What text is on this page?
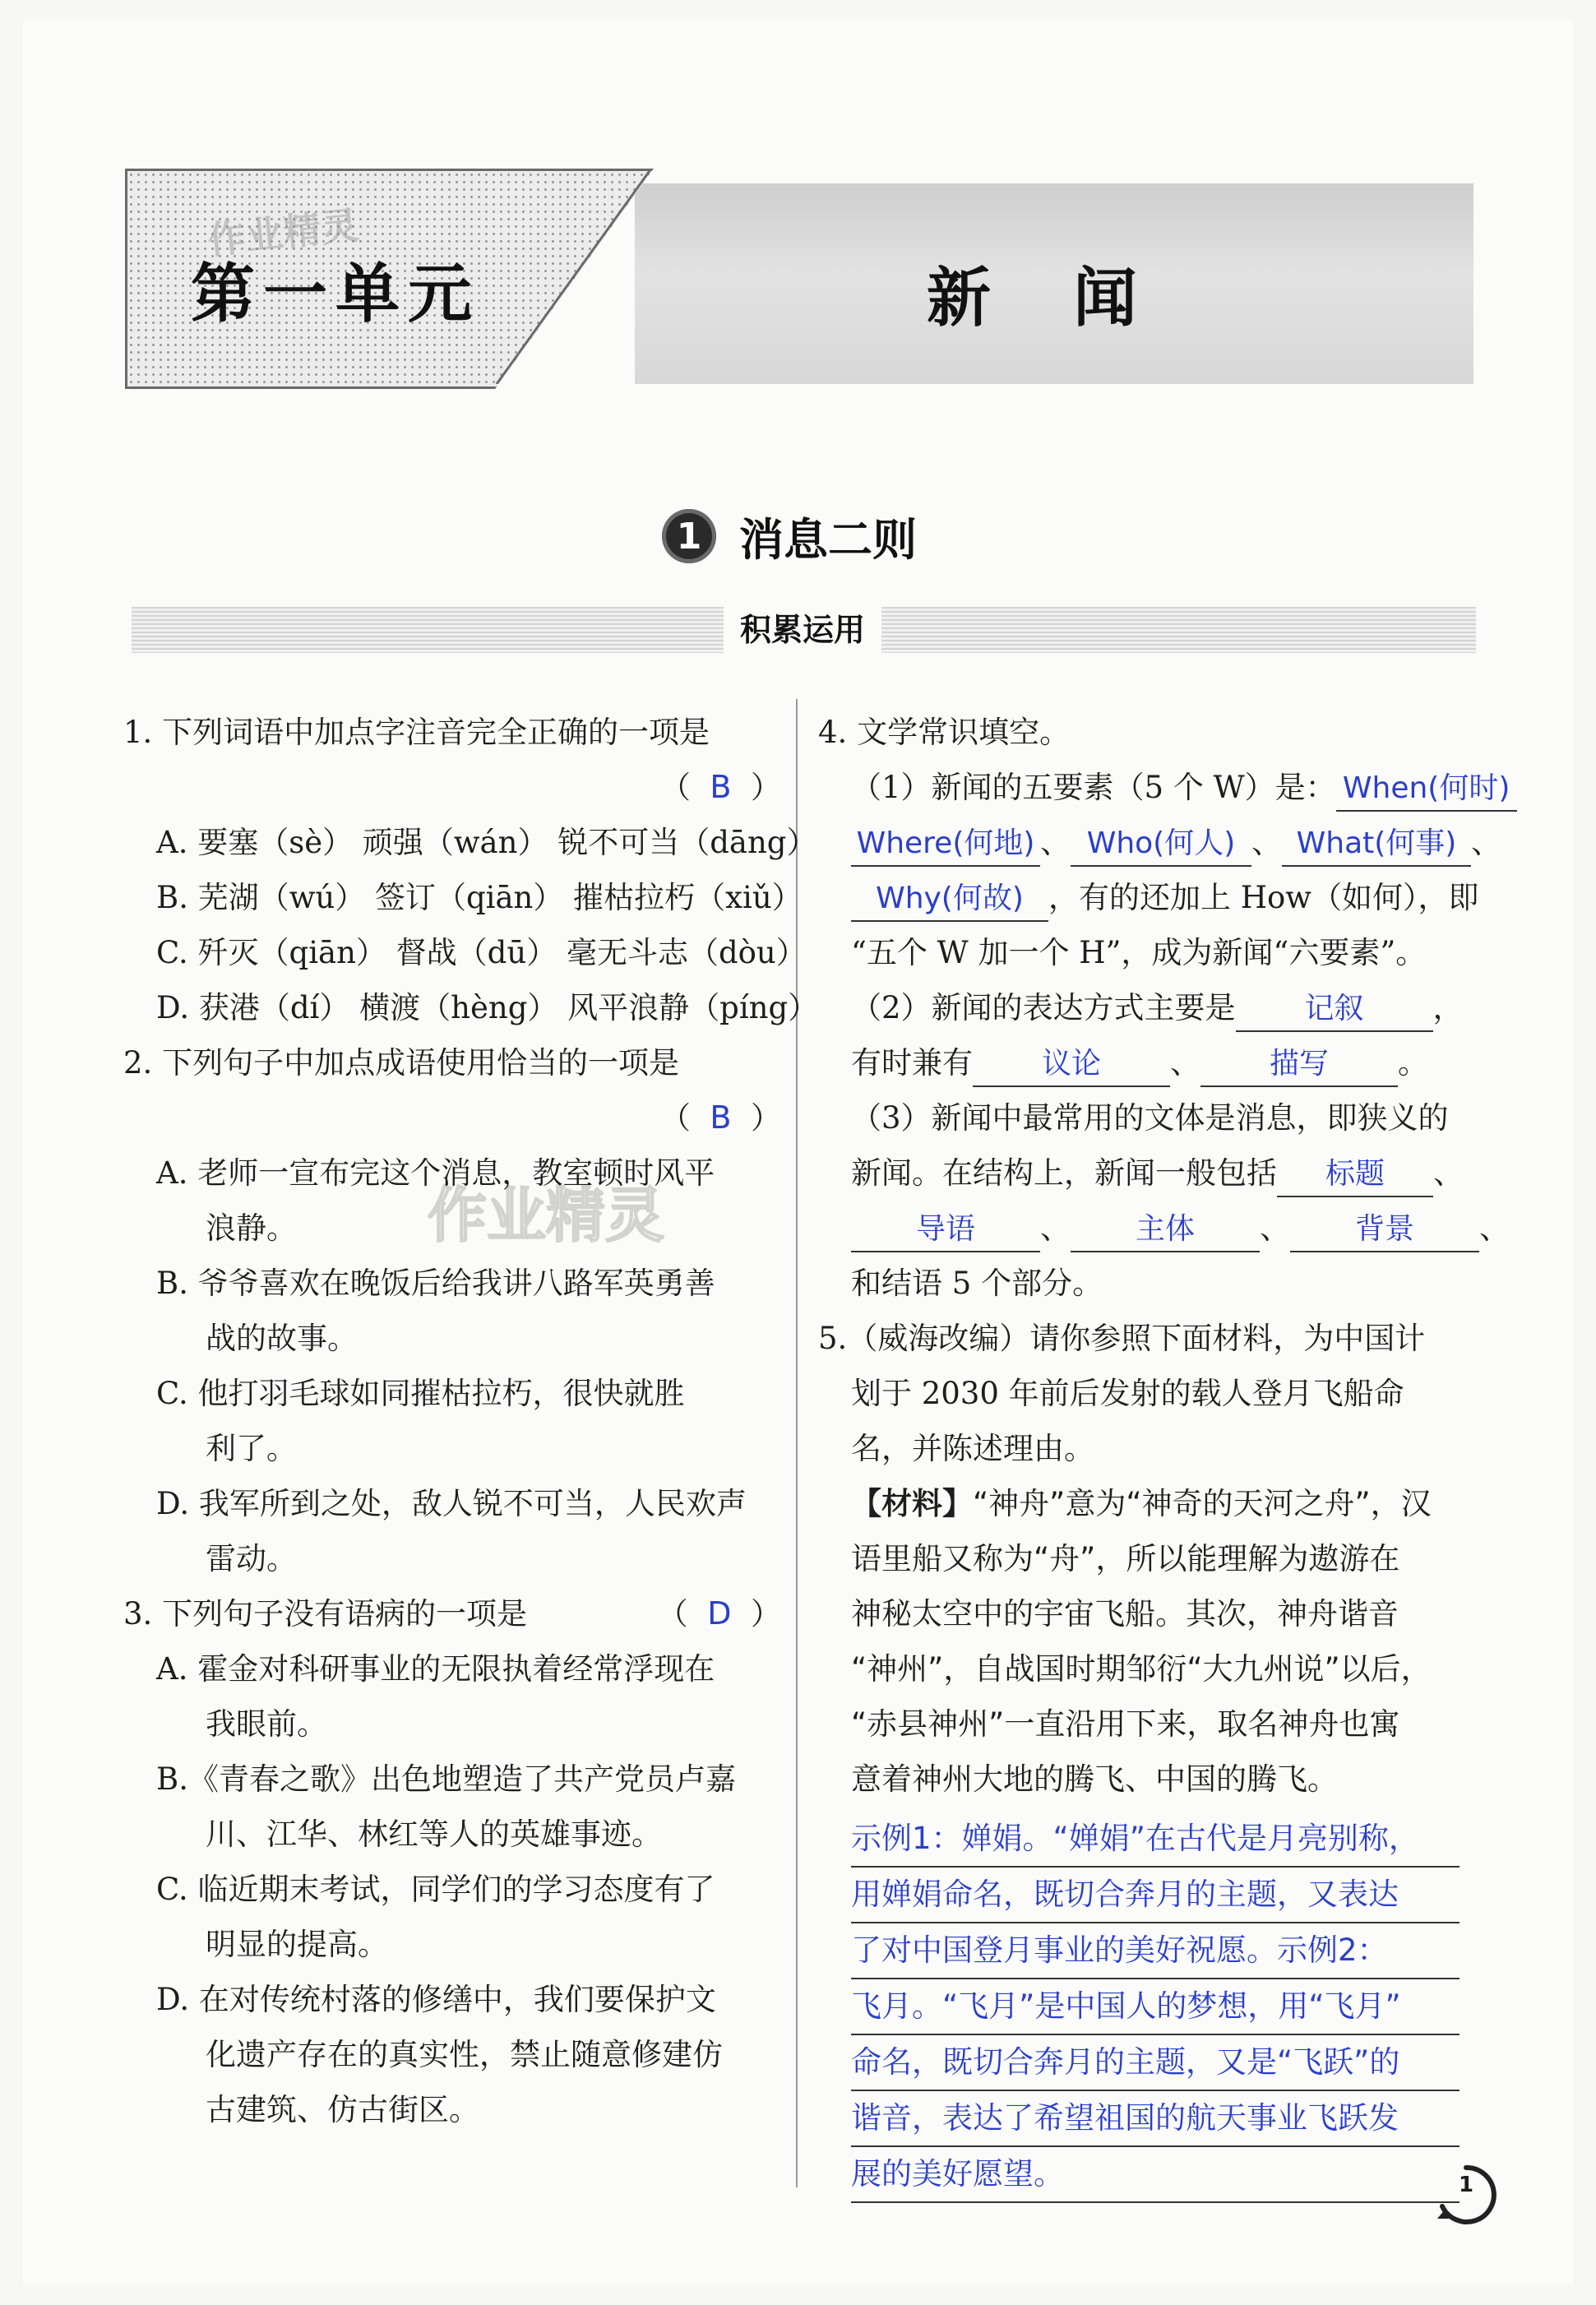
作业精灵
第一单元	新闻
1 消息二则
积累运用
作业精灵
1. 下列词语中加点字注音完全正确的一项是
（  B  ）
A. 要塞（sè） 顽强（wán） 锐不可当（dāng）
B. 芜湖（wú） 签订（qiān） 摧枯拉朽（xiǔ）
C. 歼灭（qiān） 督战（dū） 毫无斗志（dòu）
D. 获港（dí） 横渡（hèng） 风平浪静（píng）
2. 下列句子中加点成语使用恰当的一项是
（  B  ）
A. 老师一宣布完这个消息，教室顿时风平
浪静。
B. 爷爷喜欢在晚饭后给我讲八路军英勇善
战的故事。
C. 他打羽毛球如同摧枯拉朽，很快就胜
利了。
D. 我军所到之处，敌人锐不可当，人民欢声
雷动。
3. 下列句子没有语病的一项是	（  D  ）
A. 霍金对科研事业的无限执着经常浮现在
我眼前。
B.《青春之歌》出色地塑造了共产党员卢嘉
川、江华、林红等人的英雄事迹。
C. 临近期末考试，同学们的学习态度有了
明显的提高。
D. 在对传统村落的修缮中，我们要保护文
化遗产存在的真实性，禁止随意修建仿
古建筑、仿古街区。
4. 文学常识填空。
（1）新闻的五要素（5 个 W）是： When(何时)
Where(何地) 、 Who(何人) 、 What(何事) 、
Why(何故) ，有的还加上 How（如何），即
“五个 W 加一个 H”，成为新闻“六要素”。
（2）新闻的表达方式主要是 记叙 ，
有时兼有 议论 、 描写 。
（3）新闻中最常用的文体是消息，即狭义的
新闻。在结构上，新闻一般包括 标题 、
导语 、 主体 、 背景 、
和结语 5 个部分。
5.（威海改编）请你参照下面材料，为中国计
划于 2030 年前后发射的载人登月飞船命
名，并陈述理由。
【材料】“神舟”意为“神奇的天河之舟”，汉
语里船又称为“舟”，所以能理解为遨游在
神秘太空中的宇宙飞船。其次，神舟谐音
“神州”，自战国时期邹衍“大九州说”以后，
“赤县神州”一直沿用下来，取名神舟也寓
意着神州大地的腾飞、中国的腾飞。
示例1：婵娟。“婵娟”在古代是月亮别称，
用婵娟命名，既切合奔月的主题，又表达
了对中国登月事业的美好祝愿。示例2：
飞月。“飞月”是中国人的梦想，用“飞月”
命名，既切合奔月的主题，又是“飞跃”的
谐音，表达了希望祖国的航天事业飞跃发
展的美好愿望。	1
